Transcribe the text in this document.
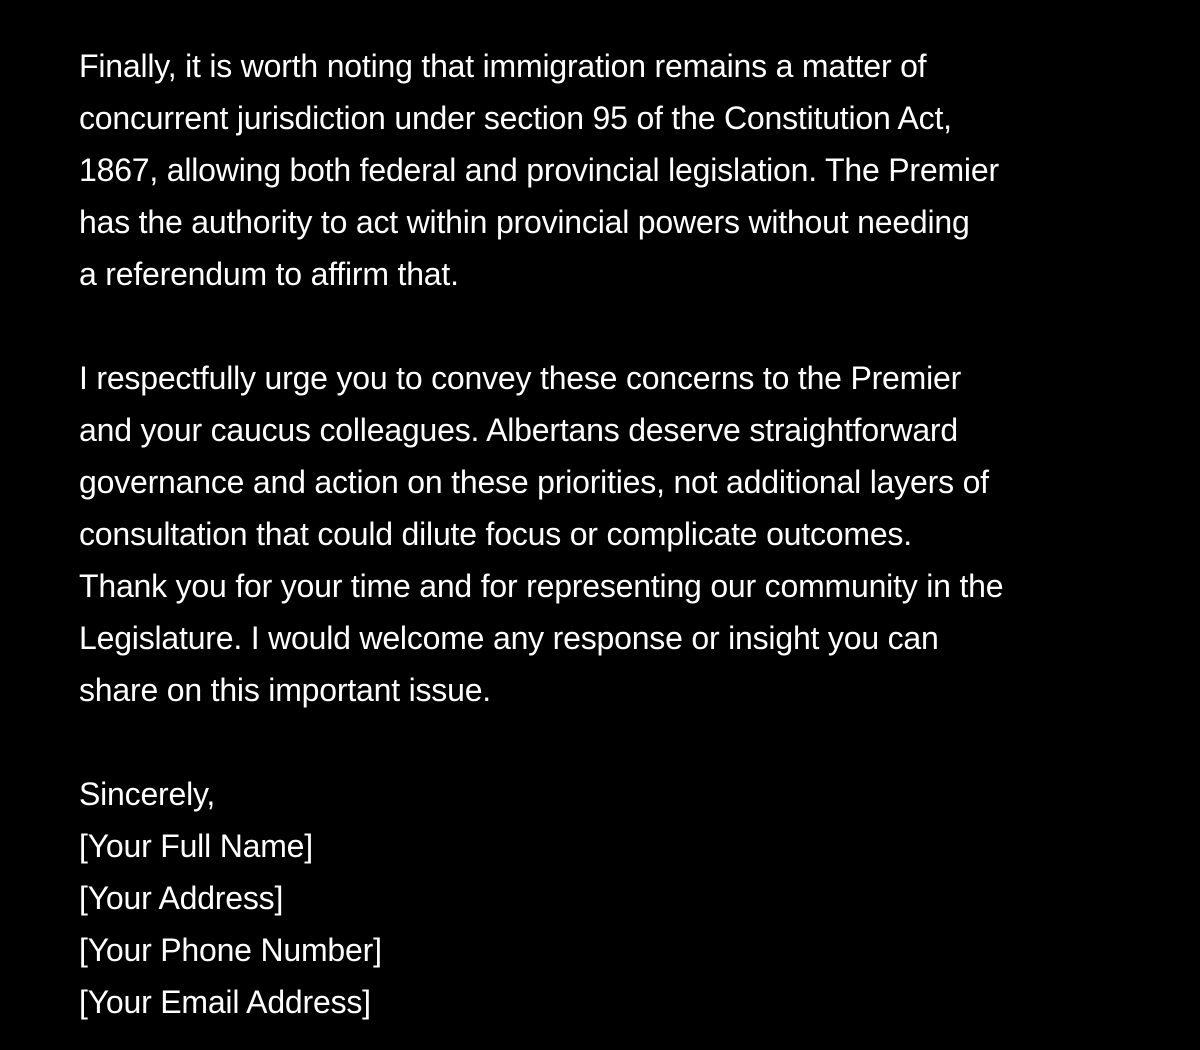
Finally, it is worth noting that immigration remains a matter of
concurrent jurisdiction under section 95 of the Constitution Act,
1867, allowing both federal and provincial legislation. The Premier
has the authority to act within provincial powers without needing
a referendum to affirm that.
I respectfully urge you to convey these concerns to the Premier
and your caucus colleagues. Albertans deserve straightforward
governance and action on these priorities, not additional layers of
consultation that could dilute focus or complicate outcomes.
Thank you for your time and for representing our community in the
Legislature. I would welcome any response or insight you can
share on this important issue.
Sincerely,
[Your Full Name]
[Your Address]
[Your Phone Number]
[Your Email Address]
